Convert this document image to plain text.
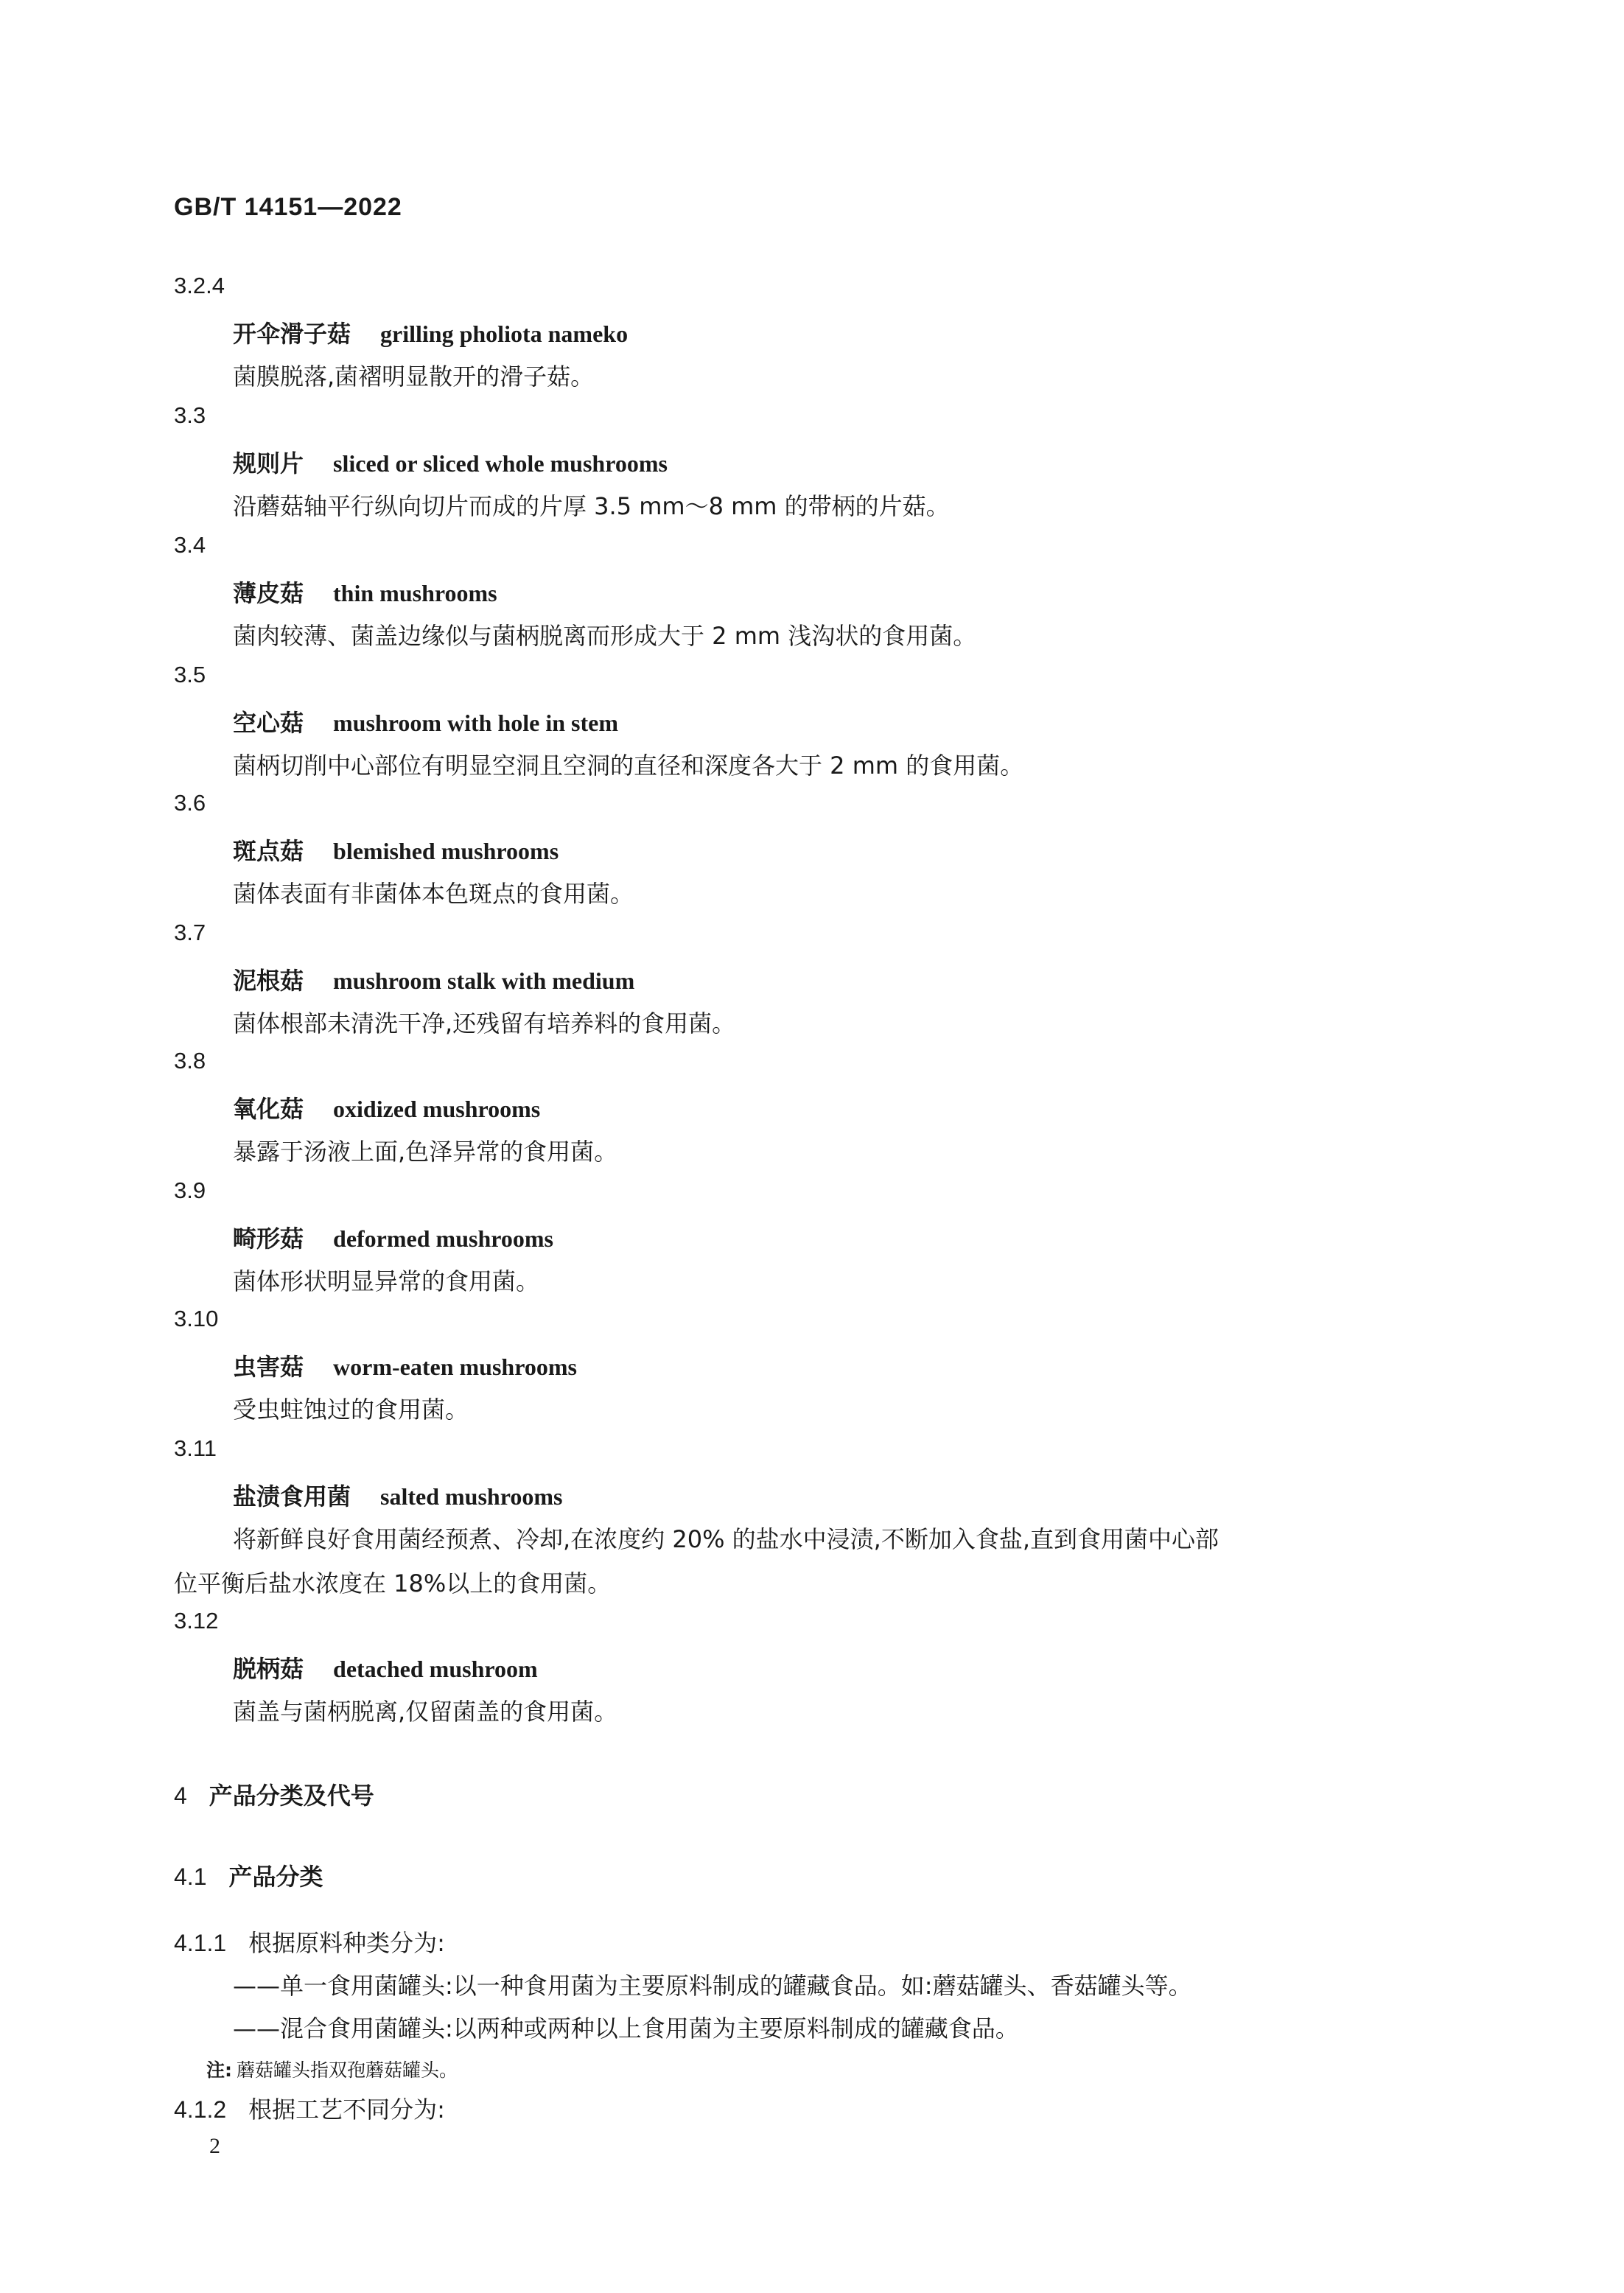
GB/T 14151—2022
3.2.4
开伞滑子菇 grilling pholiota nameko
菌膜脱落,菌褶明显散开的滑子菇。
3.3
规则片 sliced or sliced whole mushrooms
沿蘑菇轴平行纵向切片而成的片厚 3.5 mm～8 mm 的带柄的片菇。
3.4
薄皮菇 thin mushrooms
菌肉较薄、菌盖边缘似与菌柄脱离而形成大于 2 mm 浅沟状的食用菌。
3.5
空心菇 mushroom with hole in stem
菌柄切削中心部位有明显空洞且空洞的直径和深度各大于 2 mm 的食用菌。
3.6
斑点菇 blemished mushrooms
菌体表面有非菌体本色斑点的食用菌。
3.7
泥根菇 mushroom stalk with medium
菌体根部未清洗干净,还残留有培养料的食用菌。
3.8
氧化菇 oxidized mushrooms
暴露于汤液上面,色泽异常的食用菌。
3.9
畸形菇 deformed mushrooms
菌体形状明显异常的食用菌。
3.10
虫害菇 worm-eaten mushrooms
受虫蛀蚀过的食用菌。
3.11
盐渍食用菌 salted mushrooms
将新鲜良好食用菌经预煮、冷却,在浓度约 20% 的盐水中浸渍,不断加入食盐,直到食用菌中心部
位平衡后盐水浓度在 18%以上的食用菌。
3.12
脱柄菇 detached mushroom
菌盖与菌柄脱离,仅留菌盖的食用菌。
4 产品分类及代号
4.1 产品分类
4.1.1 根据原料种类分为:
——单一食用菌罐头:以一种食用菌为主要原料制成的罐藏食品。如:蘑菇罐头、香菇罐头等。
——混合食用菌罐头:以两种或两种以上食用菌为主要原料制成的罐藏食品。
注: 蘑菇罐头指双孢蘑菇罐头。
4.1.2 根据工艺不同分为:
2
